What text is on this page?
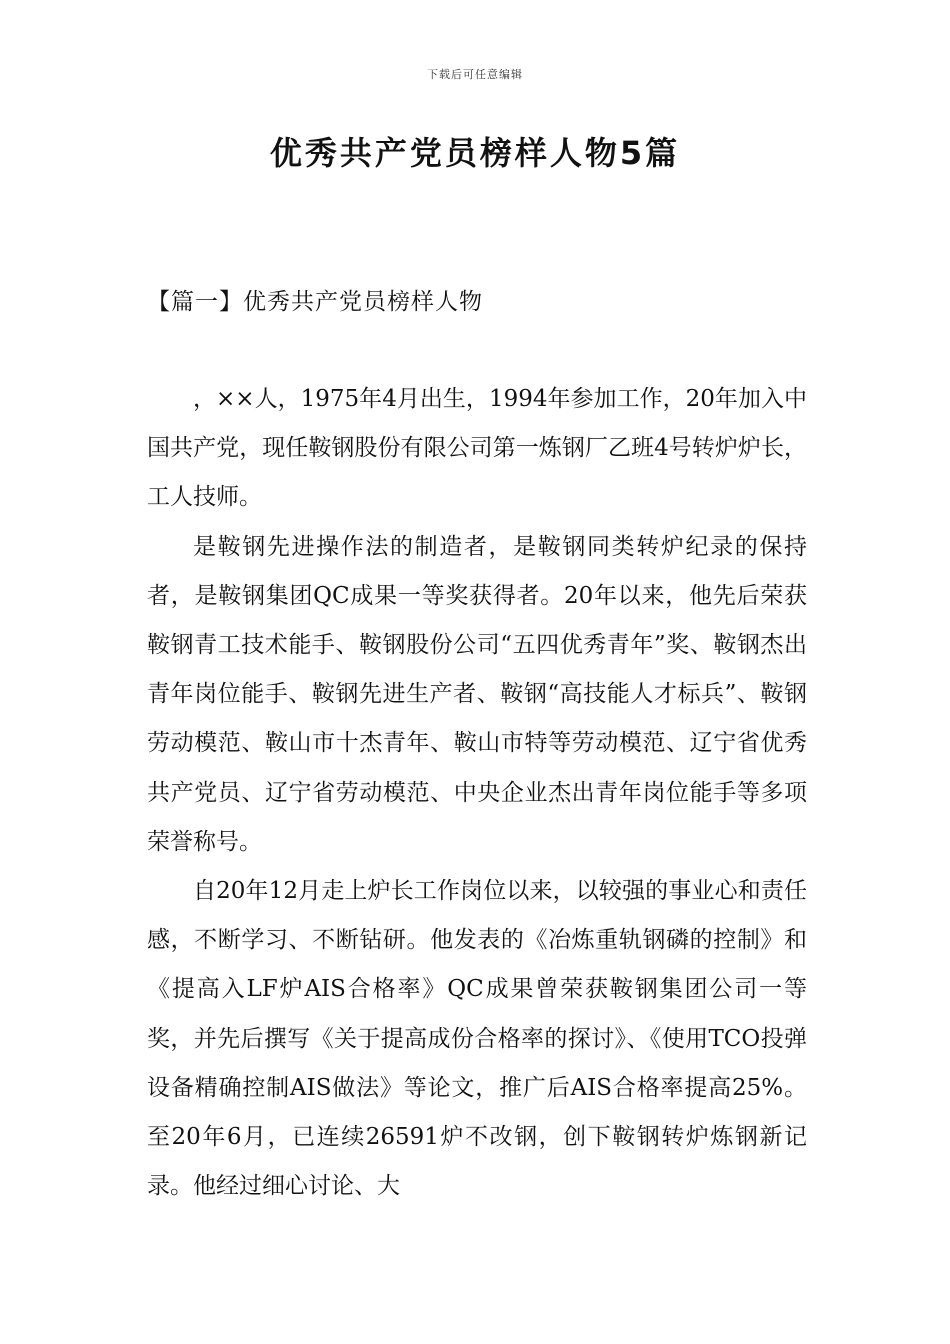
下载后可任意编辑
优秀共产党员榜样人物5篇
【篇一】优秀共产党员榜样人物

，××人，1975年4月出生，1994年参加工作，20年加入中国共产党，现任鞍钢股份有限公司第一炼钢厂乙班4号转炉炉长，工人技师。

是鞍钢先进操作法的制造者，是鞍钢同类转炉纪录的保持者，是鞍钢集团QC成果一等奖获得者。20年以来，他先后荣获鞍钢青工技术能手、鞍钢股份公司“五四优秀青年”奖、鞍钢杰出青年岗位能手、鞍钢先进生产者、鞍钢“高技能人才标兵”、鞍钢劳动模范、鞍山市十杰青年、鞍山市特等劳动模范、辽宁省优秀共产党员、辽宁省劳动模范、中央企业杰出青年岗位能手等多项荣誉称号。

自20年12月走上炉长工作岗位以来，以较强的事业心和责任感，不断学习、不断钻研。他发表的《冶炼重轨钢磷的控制》和《提高入LF炉AIS合格率》QC成果曾荣获鞍钢集团公司一等奖，并先后撰写《关于提高成份合格率的探讨》、《使用TCO投弹设备精确控制AIS做法》等论文，推广后AIS合格率提高25%。至20年6月，已连续26591炉不改钢，创下鞍钢转炉炼钢新记录。他经过细心讨论、大
